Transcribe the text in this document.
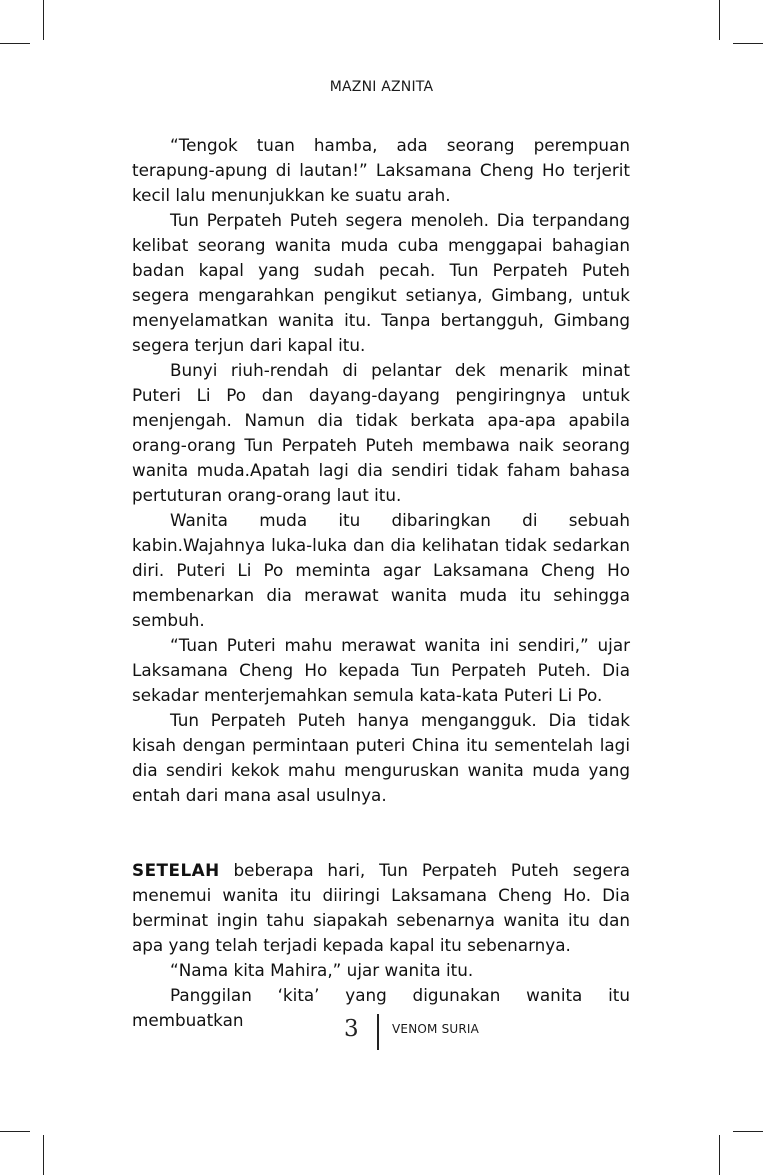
MAZNI AZNITA

“Tengok tuan hamba, ada seorang perempuan terapung-apung di lautan!” Laksamana Cheng Ho terjerit kecil lalu menunjukkan ke suatu arah.

Tun Perpateh Puteh segera menoleh. Dia terpandang kelibat seorang wanita muda cuba menggapai bahagian badan kapal yang sudah pecah. Tun Perpateh Puteh segera mengarahkan pengikut setianya, Gimbang, untuk menyelamatkan wanita itu. Tanpa bertangguh, Gimbang segera terjun dari kapal itu.

Bunyi riuh-rendah di pelantar dek menarik minat Puteri Li Po dan dayang-dayang pengiringnya untuk menjengah. Namun dia tidak berkata apa-apa apabila orang-orang Tun Perpateh Puteh membawa naik seorang wanita muda.Apatah lagi dia sendiri tidak faham bahasa pertuturan orang-orang laut itu.

Wanita muda itu dibaringkan di sebuah kabin.Wajahnya luka-luka dan dia kelihatan tidak sedarkan diri. Puteri Li Po meminta agar Laksamana Cheng Ho membenarkan dia merawat wanita muda itu sehingga sembuh.

“Tuan Puteri mahu merawat wanita ini sendiri,” ujar Laksamana Cheng Ho kepada Tun Perpateh Puteh. Dia sekadar menterjemahkan semula kata-kata Puteri Li Po.

Tun Perpateh Puteh hanya mengangguk. Dia tidak kisah dengan permintaan puteri China itu sementelah lagi dia sendiri kekok mahu menguruskan wanita muda yang entah dari mana asal usulnya.

SETELAH beberapa hari, Tun Perpateh Puteh segera menemui wanita itu diiringi Laksamana Cheng Ho. Dia berminat ingin tahu siapakah sebenarnya wanita itu dan apa yang telah terjadi kepada kapal itu sebenarnya.

“Nama kita Mahira,” ujar wanita itu.

Panggilan ‘kita’ yang digunakan wanita itu membuatkan	3	VENOM SURIA
